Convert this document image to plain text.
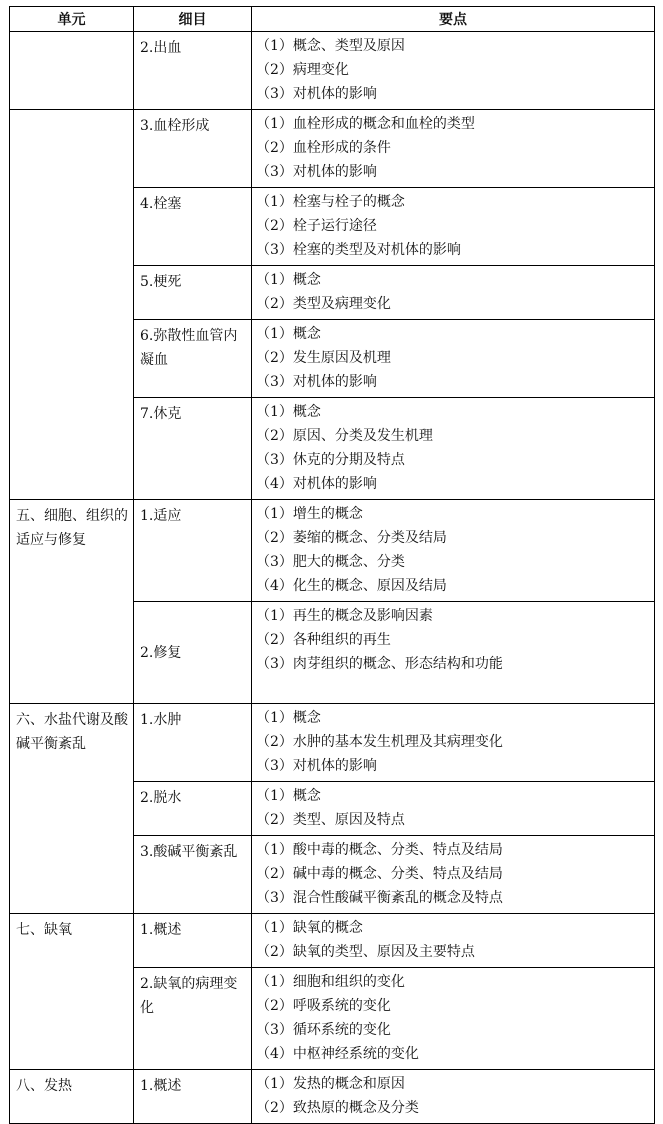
单元	细目	要点

	2.出血	（1）概念、类型及原因
（2）病理变化
（3）对机体的影响

	3.血栓形成	（1）血栓形成的概念和血栓的类型
（2）血栓形成的条件
（3）对机体的影响

	4.栓塞	（1）栓塞与栓子的概念
（2）栓子运行途径
（3）栓塞的类型及对机体的影响

	5.梗死	（1）概念
（2）类型及病理变化

	6.弥散性血管内凝血	（1）概念
（2）发生原因及机理
（3）对机体的影响

	7.休克	（1）概念
（2）原因、分类及发生机理
（3）休克的分期及特点
（4）对机体的影响

五、细胞、组织的适应与修复	1.适应	（1）增生的概念
（2）萎缩的概念、分类及结局
（3）肥大的概念、分类
（4）化生的概念、原因及结局

	2.修复	（1）再生的概念及影响因素
（2）各种组织的再生
（3）肉芽组织的概念、形态结构和功能

六、水盐代谢及酸碱平衡紊乱	1.水肿	（1）概念
（2）水肿的基本发生机理及其病理变化
（3）对机体的影响

	2.脱水	（1）概念
（2）类型、原因及特点

	3.酸碱平衡紊乱	（1）酸中毒的概念、分类、特点及结局
（2）碱中毒的概念、分类、特点及结局
（3）混合性酸碱平衡紊乱的概念及特点

七、缺氧	1.概述	（1）缺氧的概念
（2）缺氧的类型、原因及主要特点

	2.缺氧的病理变化	（1）细胞和组织的变化
（2）呼吸系统的变化
（3）循环系统的变化
（4）中枢神经系统的变化

八、发热	1.概述	（1）发热的概念和原因
（2）致热原的概念及分类
